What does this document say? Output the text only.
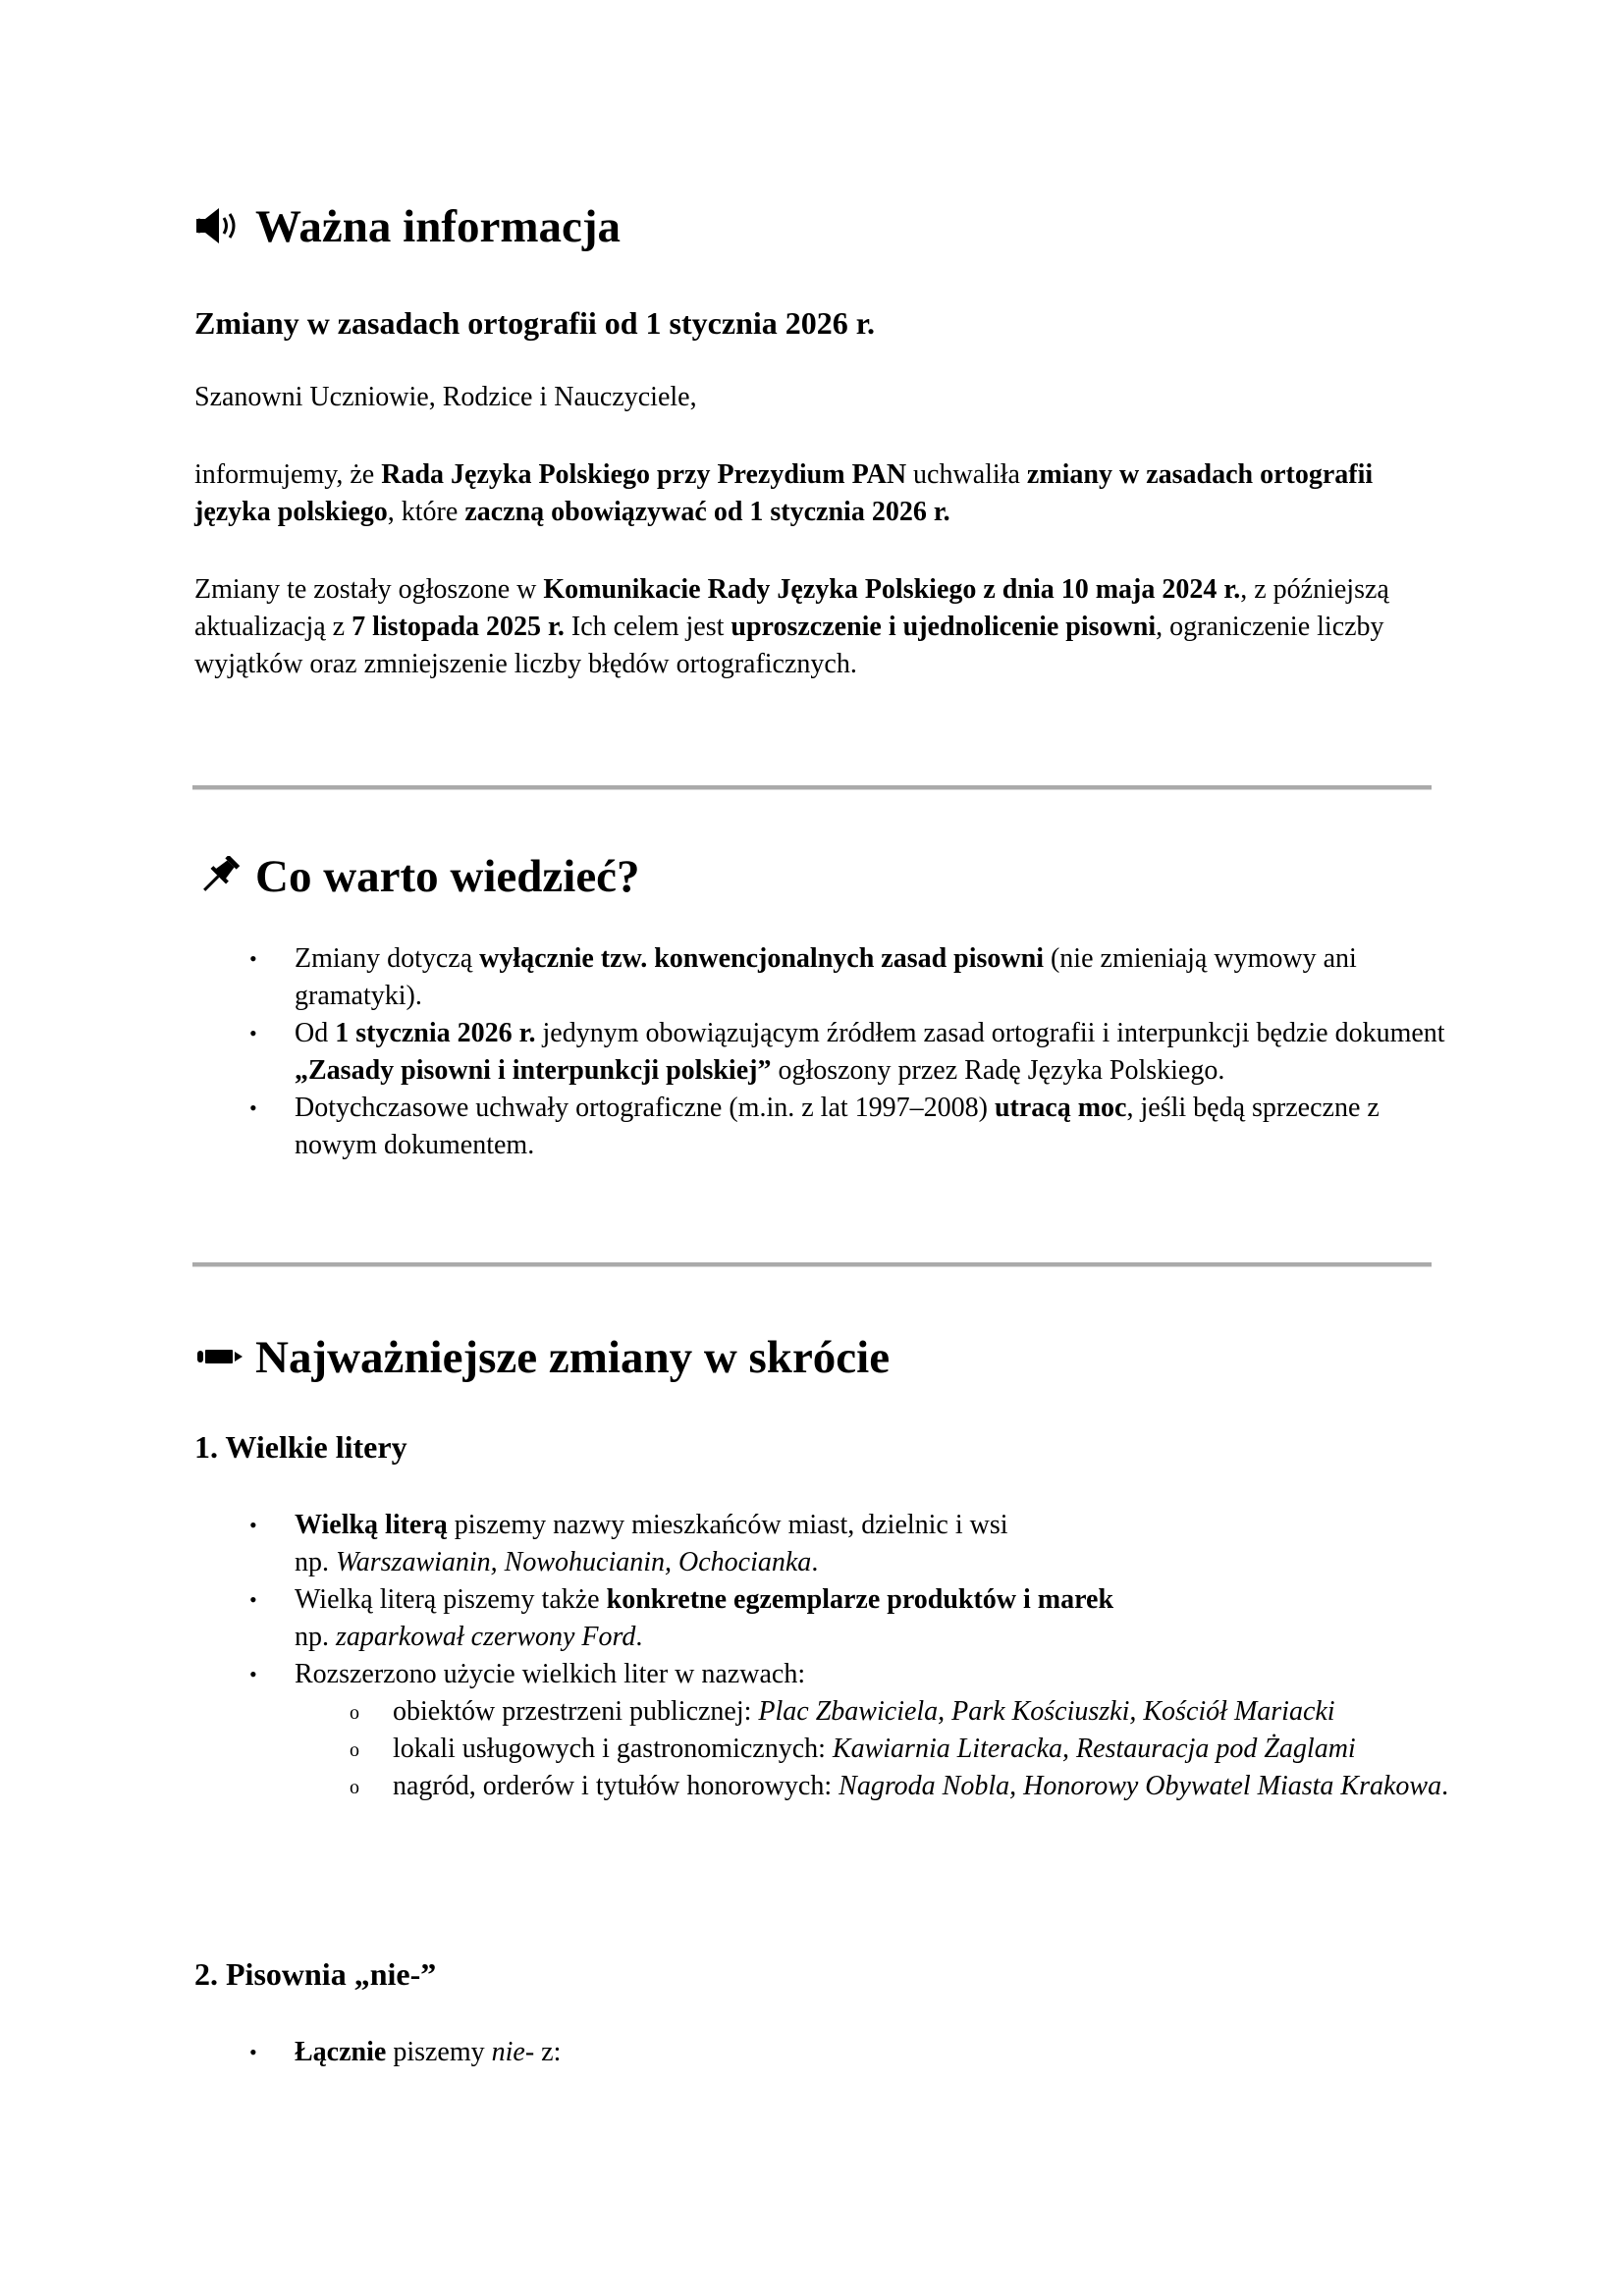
Ważna informacja
Zmiany w zasadach ortografii od 1 stycznia 2026 r.

Szanowni Uczniowie, Rodzice i Nauczyciele,

informujemy, że Rada Języka Polskiego przy Prezydium PAN uchwaliła zmiany w zasadach ortografii języka polskiego, które zaczną obowiązywać od 1 stycznia 2026 r.

Zmiany te zostały ogłoszone w Komunikacie Rady Języka Polskiego z dnia 10 maja 2024 r., z późniejszą aktualizacją z 7 listopada 2025 r. Ich celem jest uproszczenie i ujednolicenie pisowni, ograniczenie liczby wyjątków oraz zmniejszenie liczby błędów ortograficznych.

Co warto wiedzieć?
• Zmiany dotyczą wyłącznie tzw. konwencjonalnych zasad pisowni (nie zmieniają wymowy ani gramatyki).
• Od 1 stycznia 2026 r. jedynym obowiązującym źródłem zasad ortografii i interpunkcji będzie dokument
„Zasady pisowni i interpunkcji polskiej” ogłoszony przez Radę Języka Polskiego.
• Dotychczasowe uchwały ortograficzne (m.in. z lat 1997–2008) utracą moc, jeśli będą sprzeczne z nowym dokumentem.
Najważniejsze zmiany w skrócie
1. Wielkie litery
• Wielką literą piszemy nazwy mieszkańców miast, dzielnic i wsi
np. Warszawianin, Nowohucianin, Ochocianka.
• Wielką literą piszemy także konkretne egzemplarze produktów i marek
np. zaparkował czerwony Ford.
• Rozszerzono użycie wielkich liter w nazwach:
o obiektów przestrzeni publicznej: Plac Zbawiciela, Park Kościuszki, Kościół Mariacki
o lokali usługowych i gastronomicznych: Kawiarnia Literacka, Restauracja pod Żaglami
o nagród, orderów i tytułów honorowych: Nagroda Nobla, Honorowy Obywatel Miasta Krakowa.
2. Pisownia „nie-”
• Łącznie piszemy nie- z:
